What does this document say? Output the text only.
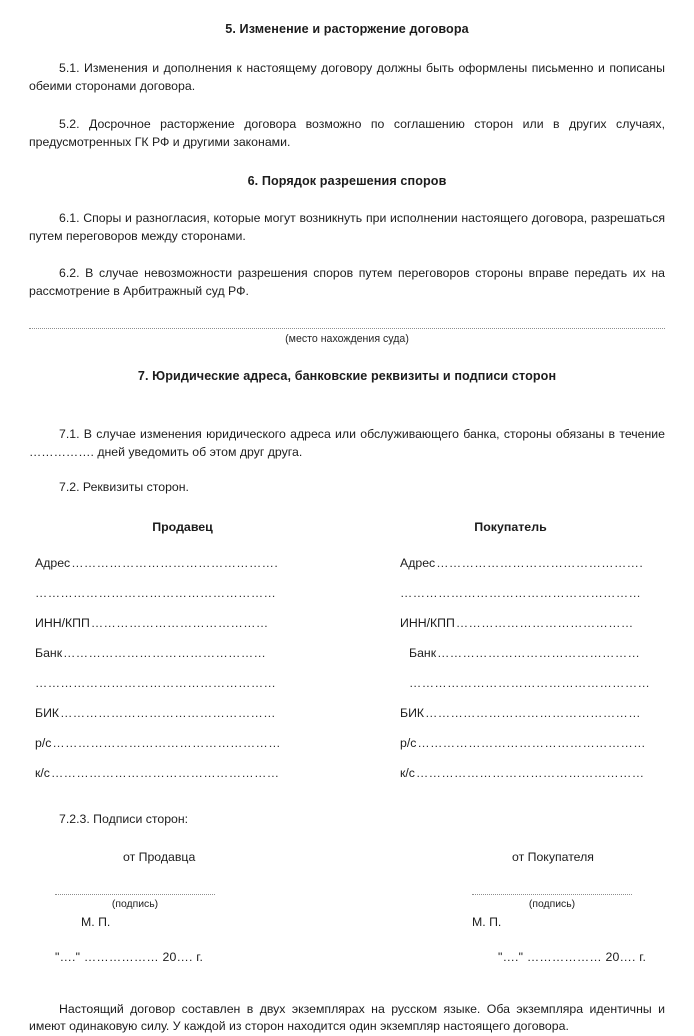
5. Изменение и расторжение договора

5.1. Изменения и дополнения к настоящему договору должны быть оформлены письменно и пописаны обеими сторонами договора.

5.2. Досрочное расторжение договора возможно по соглашению сторон или в других случаях, предусмотренных ГК РФ и другими законами.

6. Порядок разрешения споров

6.1. Споры и разногласия, которые могут возникнуть при исполнении настоящего договора, разрешаться путем переговоров между сторонами.

6.2. В случае невозможности разрешения споров путем переговоров стороны вправе передать их на рассмотрение в Арбитражный суд РФ.

(место нахождения суда)
7. Юридические адреса, банковские реквизиты и подписи сторон

7.1. В случае изменения юридического адреса или обслуживающего банка, стороны обязаны в течение ……………. дней уведомить об этом друг друга.

7.2. Реквизиты сторон.

Продавец	Покупатель
Адрес ………………………………………….
…………………………………………………
ИНН/КПП ……………………………………
Банк …………………………………………
…………………………………………………
БИК ……………………………………………
р/с ………………………………………………
к/с ………………………………………………
Адрес ………………………………………….
…………………………………………………
ИНН/КПП ……………………………………
Банк …………………………………………
…………………………………………………
БИК ……………………………………………
р/с ………………………………………………
к/с ………………………………………………

7.2.3. Подписи сторон:

от Продавца
(подпись)
М. П.
"…." ……………… 20…. г.
от Покупателя
(подпись)
М. П.
"…." ……………… 20…. г.

Настоящий договор составлен в двух экземплярах на русском языке. Оба экземпляра идентичны и имеют одинаковую силу. У каждой из сторон находится один экземпляр настоящего договора.
